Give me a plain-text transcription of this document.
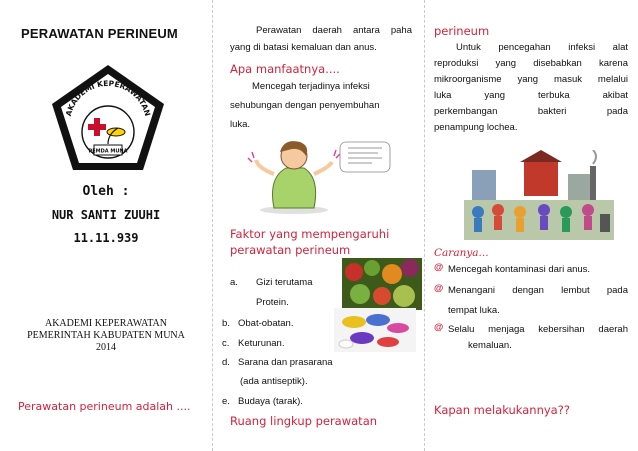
PERAWATAN PERINEUM
AKADEMI KEPERAWATAN
PEMDA MUNA
Oleh :
NUR SANTI ZUUHI
11.11.939
AKADEMI KEPERAWATAN
PEMERINTAH KABUPATEN MUNA
2014
Perawatan perineum adalah ....
Perawatan daerah antara paha
yang di batasi kemaluan dan anus.
Apa manfaatnya....
Mencegah terjadinya infeksi
sehubungan dengan penyembuhan
luka.
Faktor yang mempengaruhi
perawatan perineum
a. Gizi terutama
Protein.
b. Obat-obatan.
c. Keturunan.
d. Sarana dan prasarana
(ada antiseptik).
e. Budaya (tarak).
Ruang lingkup perawatan
perineum
Untuk pencegahan infeksi alat
reproduksi yang disebabkan karena
mikroorganisme yang masuk melalui
luka yang terbuka akibat
perkembangan bakteri pada
penampung lochea.
Caranya...
@ Mencegah kontaminasi dari anus.
@ Menangani dengan lembut pada
tempat luka.
@ Selalu menjaga kebersihan daerah
kemaluan.
Kapan melakukannya??
